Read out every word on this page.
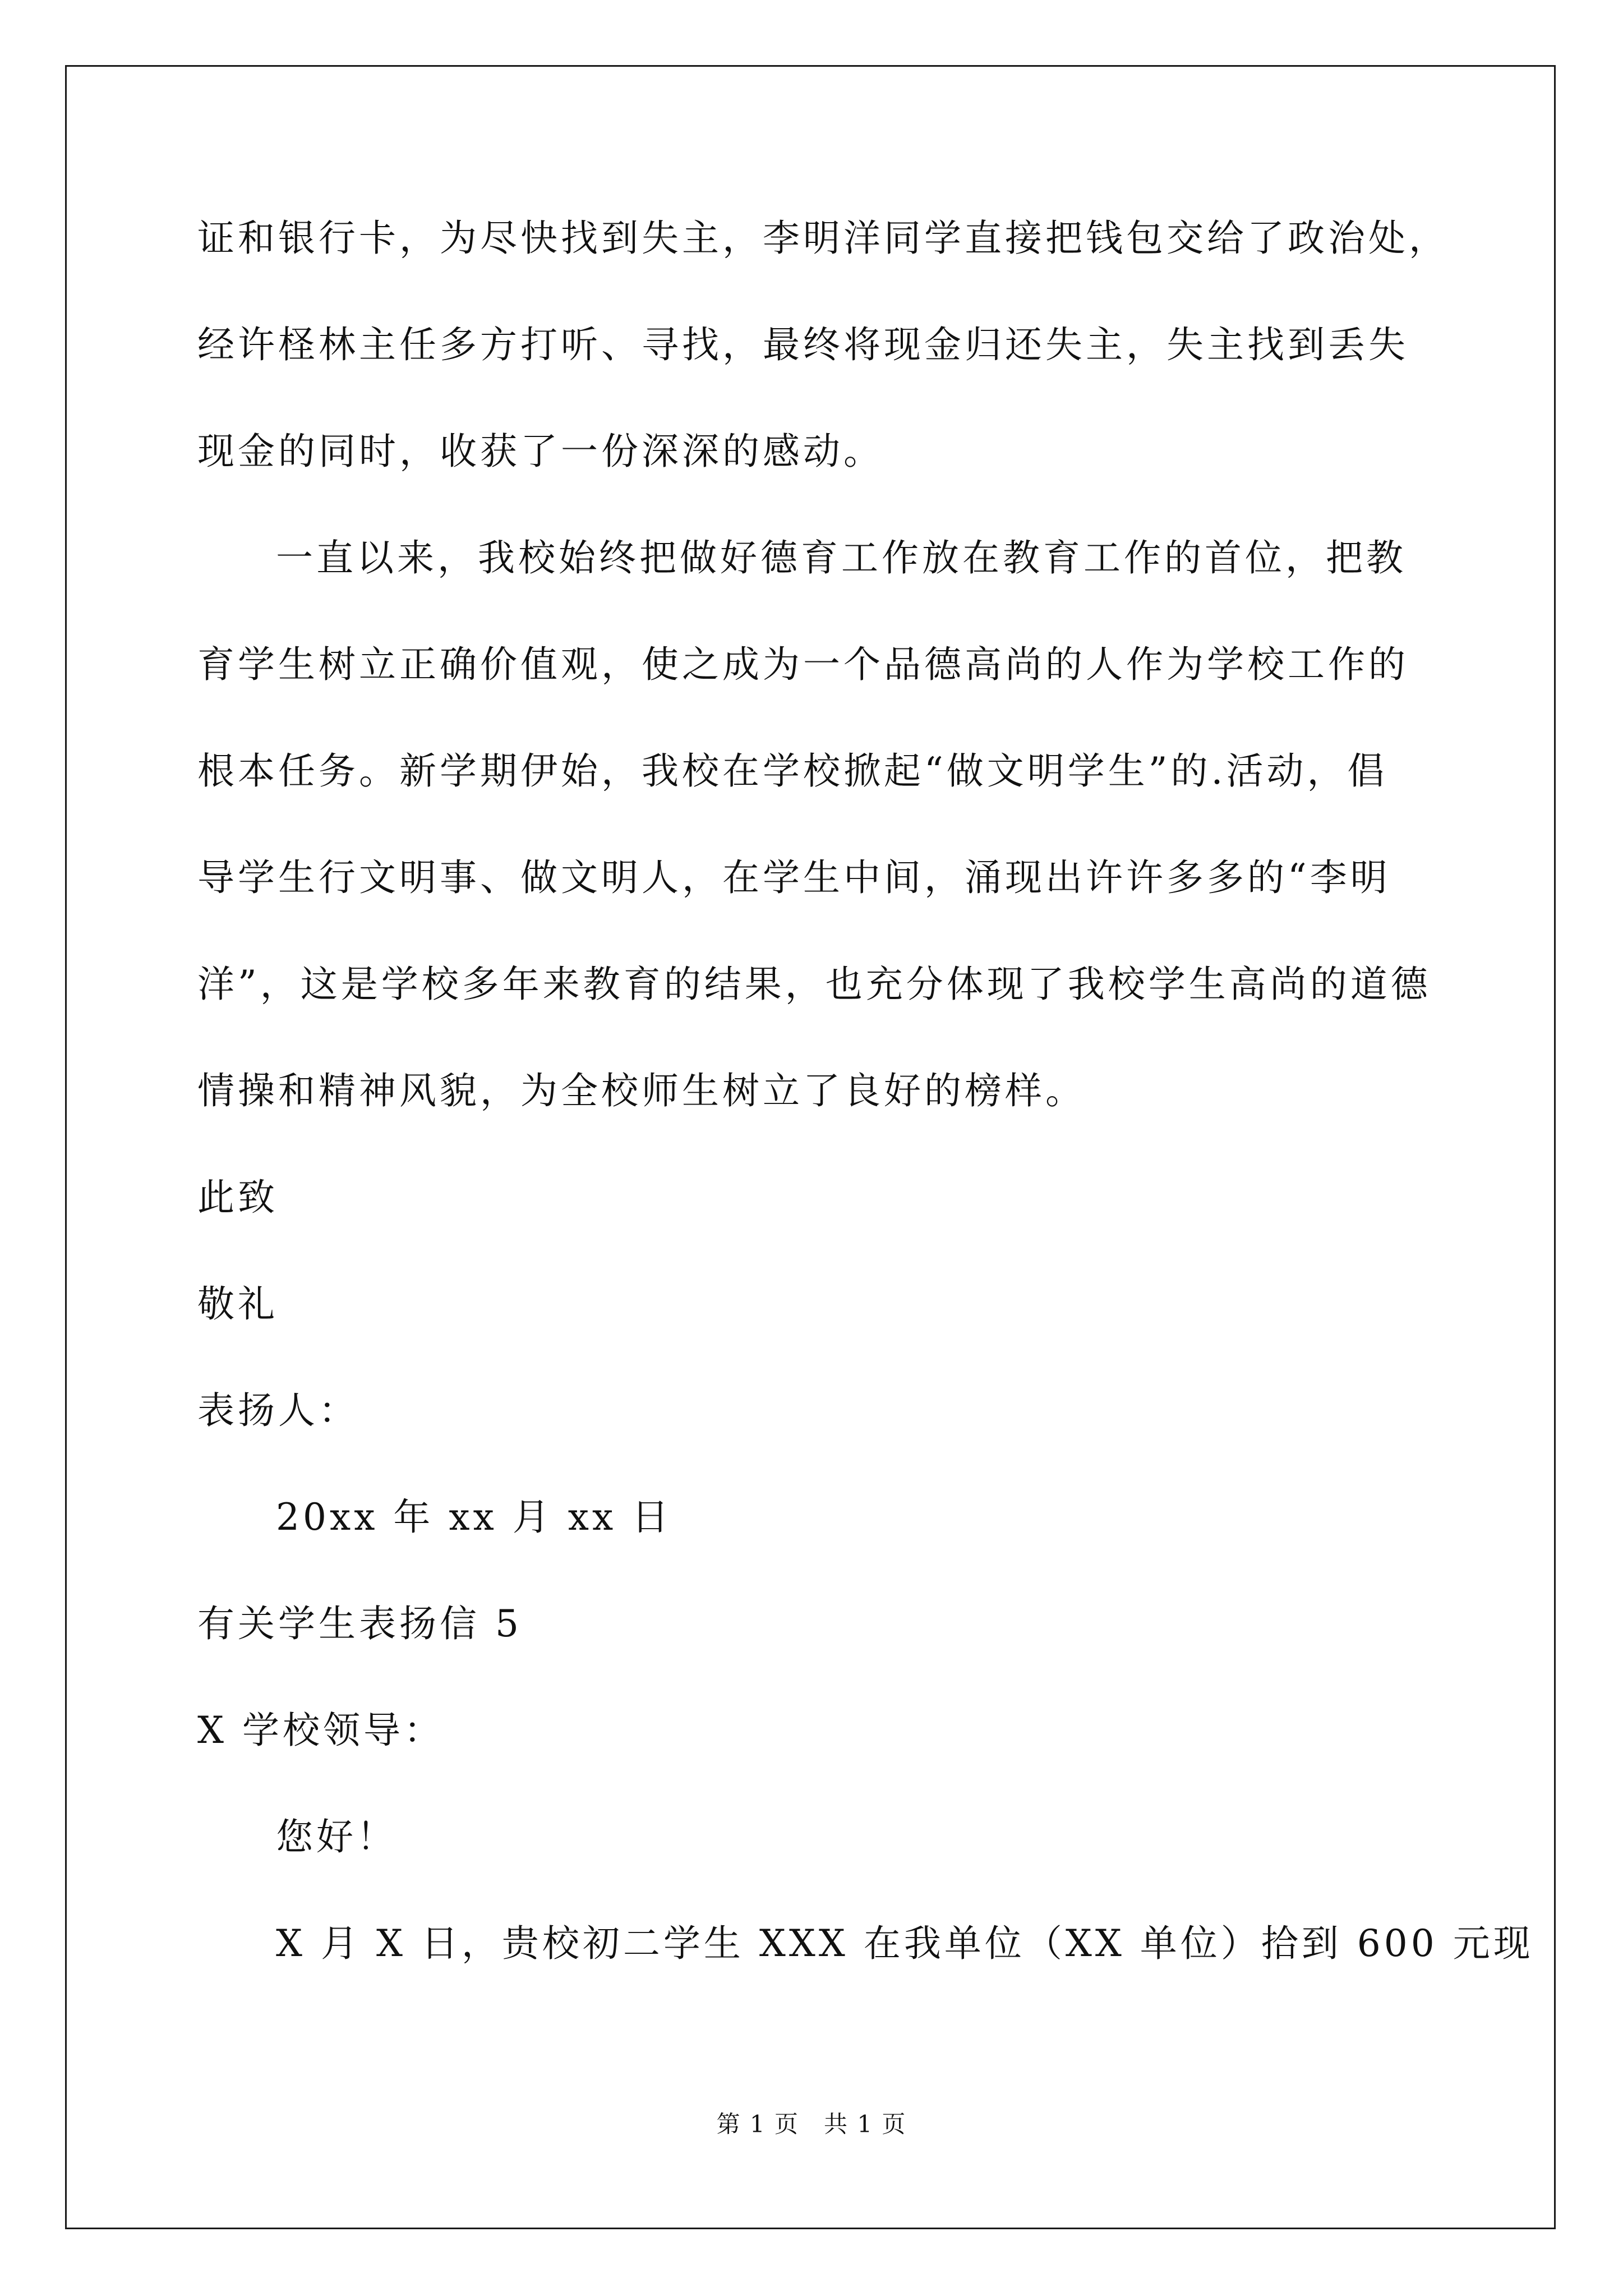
证和银行卡，为尽快找到失主，李明洋同学直接把钱包交给了政治处，
经许柽林主任多方打听、寻找，最终将现金归还失主，失主找到丢失
现金的同时，收获了一份深深的感动。
一直以来，我校始终把做好德育工作放在教育工作的首位，把教
育学生树立正确价值观，使之成为一个品德高尚的人作为学校工作的
根本任务。新学期伊始，我校在学校掀起“做文明学生”的.活动，倡
导学生行文明事、做文明人，在学生中间，涌现出许许多多的“李明
洋”，这是学校多年来教育的结果，也充分体现了我校学生高尚的道德
情操和精神风貌，为全校师生树立了良好的榜样。
此致
敬礼
表扬人：
20xx 年 xx 月 xx 日
有关学生表扬信 5
X 学校领导：
您好！
X 月 X 日，贵校初二学生 XXX 在我单位（XX 单位）拾到 600 元现
第 1 页　共 1 页
